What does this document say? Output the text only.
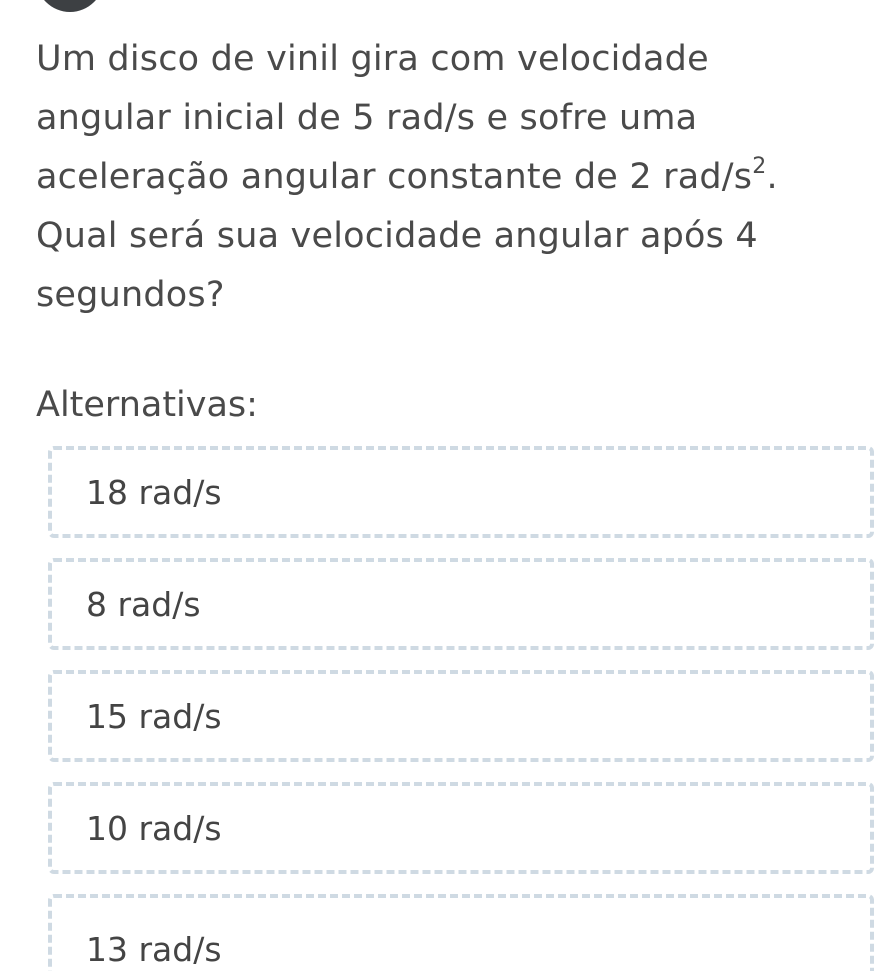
Um disco de vinil gira com velocidade
angular inicial de 5 rad/s e sofre uma
aceleração angular constante de 2 rad/$s^2$.
Qual será sua velocidade angular após 4
segundos?

Alternativas:
18 rad/s
8 rad/s
15 rad/s
10 rad/s
13 rad/s
